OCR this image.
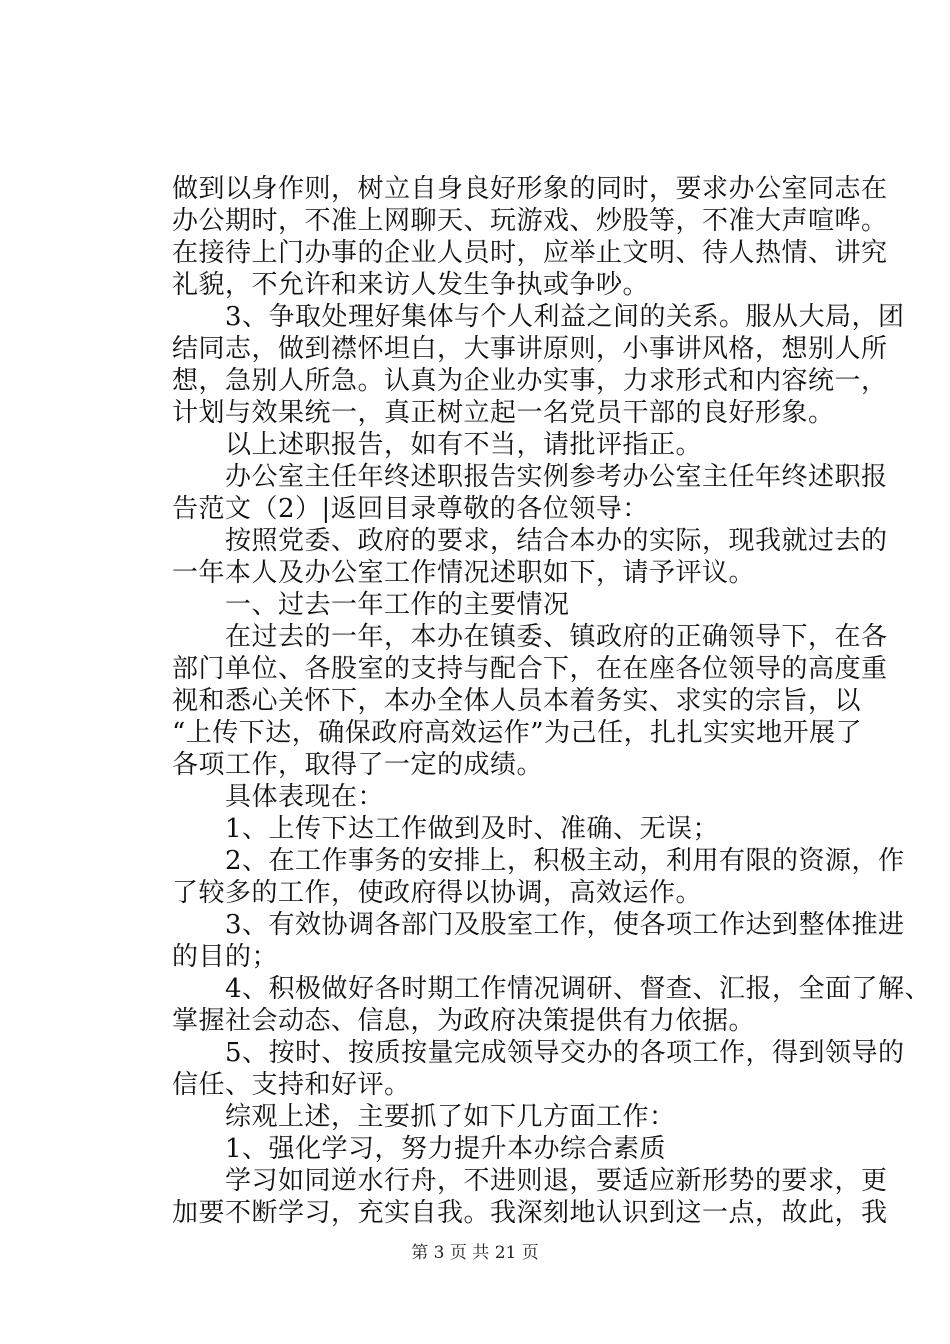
做到以身作则，树立自身良好形象的同时，要求办公室同志在
办公期时，不准上网聊天、玩游戏、炒股等，不准大声喧哗。
在接待上门办事的企业人员时，应举止文明、待人热情、讲究
礼貌，不允许和来访人发生争执或争吵。
　　3、争取处理好集体与个人利益之间的关系。服从大局，团
结同志，做到襟怀坦白，大事讲原则，小事讲风格，想别人所
想，急别人所急。认真为企业办实事，力求形式和内容统一，
计划与效果统一，真正树立起一名党员干部的良好形象。
　　以上述职报告，如有不当，请批评指正。
　　办公室主任年终述职报告实例参考办公室主任年终述职报
告范文（2）|返回目录尊敬的各位领导：
　　按照党委、政府的要求，结合本办的实际，现我就过去的
一年本人及办公室工作情况述职如下，请予评议。
　　一、过去一年工作的主要情况
　　在过去的一年，本办在镇委、镇政府的正确领导下，在各
部门单位、各股室的支持与配合下，在在座各位领导的高度重
视和悉心关怀下，本办全体人员本着务实、求实的宗旨，以
“上传下达，确保政府高效运作”为己任，扎扎实实地开展了
各项工作，取得了一定的成绩。
　　具体表现在：
　　1、上传下达工作做到及时、准确、无误；
　　2、在工作事务的安排上，积极主动，利用有限的资源，作
了较多的工作，使政府得以协调，高效运作。
　　3、有效协调各部门及股室工作，使各项工作达到整体推进
的目的；
　　4、积极做好各时期工作情况调研、督查、汇报，全面了解、
掌握社会动态、信息，为政府决策提供有力依据。
　　5、按时、按质按量完成领导交办的各项工作，得到领导的
信任、支持和好评。
　　综观上述，主要抓了如下几方面工作：
　　1、强化学习，努力提升本办综合素质
　　学习如同逆水行舟，不进则退，要适应新形势的要求，更
加要不断学习，充实自我。我深刻地认识到这一点，故此，我
第 3 页 共 21 页
